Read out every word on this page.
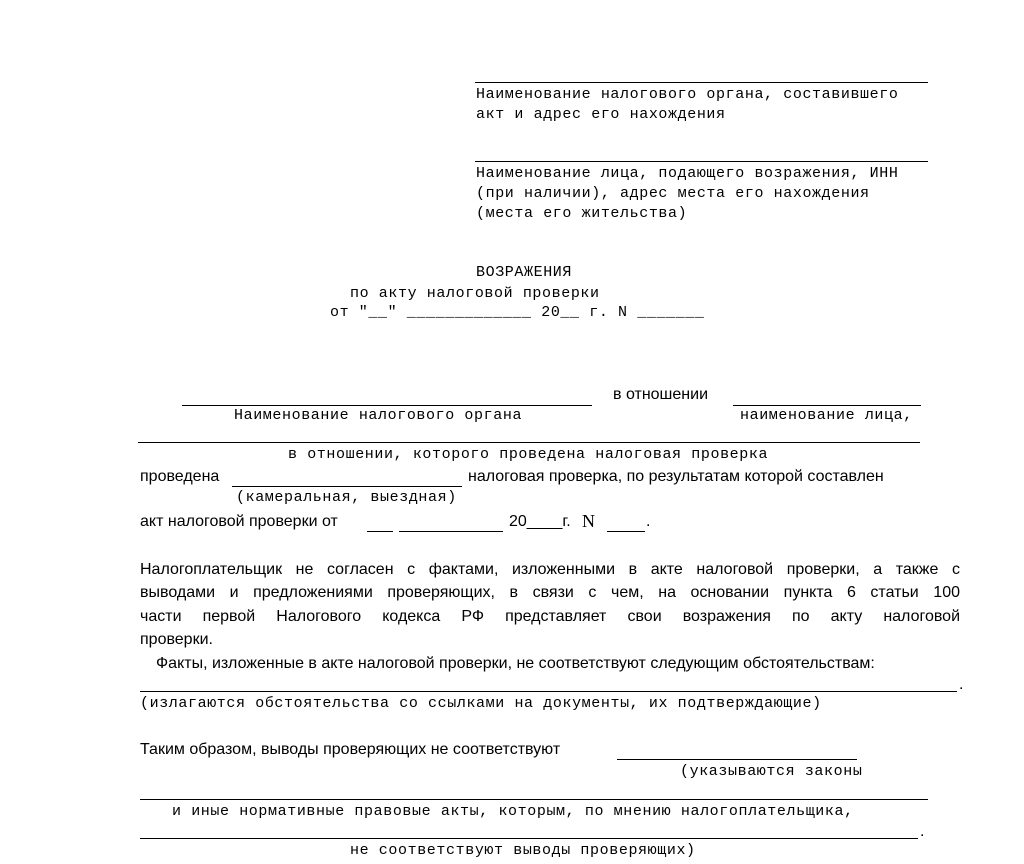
Наименование налогового органа, составившего
акт и адрес его нахождения
Наименование лица, подающего возражения, ИНН
(при наличии), адрес места его нахождения
(места его жительства)
ВОЗРАЖЕНИЯ
по акту налоговой проверки
от "__" _____________ 20__ г. N _______
в отношении
Наименование налогового органа	наименование лица,
в отношении, которого проведена налоговая проверка
проведена	налоговая проверка, по результатам которой составлен
(камеральная, выездная)
акт налоговой проверки от	20____г. N	.
Налогоплательщик не согласен с фактами, изложенными в акте налоговой проверки, а также с
выводами и предложениями проверяющих, в связи с чем, на основании пункта 6 статьи 100
части первой Налогового кодекса РФ представляет свои возражения по акту налоговой
проверки.
Факты, изложенные в акте налоговой проверки, не соответствуют следующим обстоятельствам:
.
(излагаются обстоятельства со ссылками на документы, их подтверждающие)
Таким образом, выводы проверяющих не соответствуют
(указываются законы
и иные нормативные правовые акты, которым, по мнению налогоплательщика,
.
не соответствуют выводы проверяющих)
